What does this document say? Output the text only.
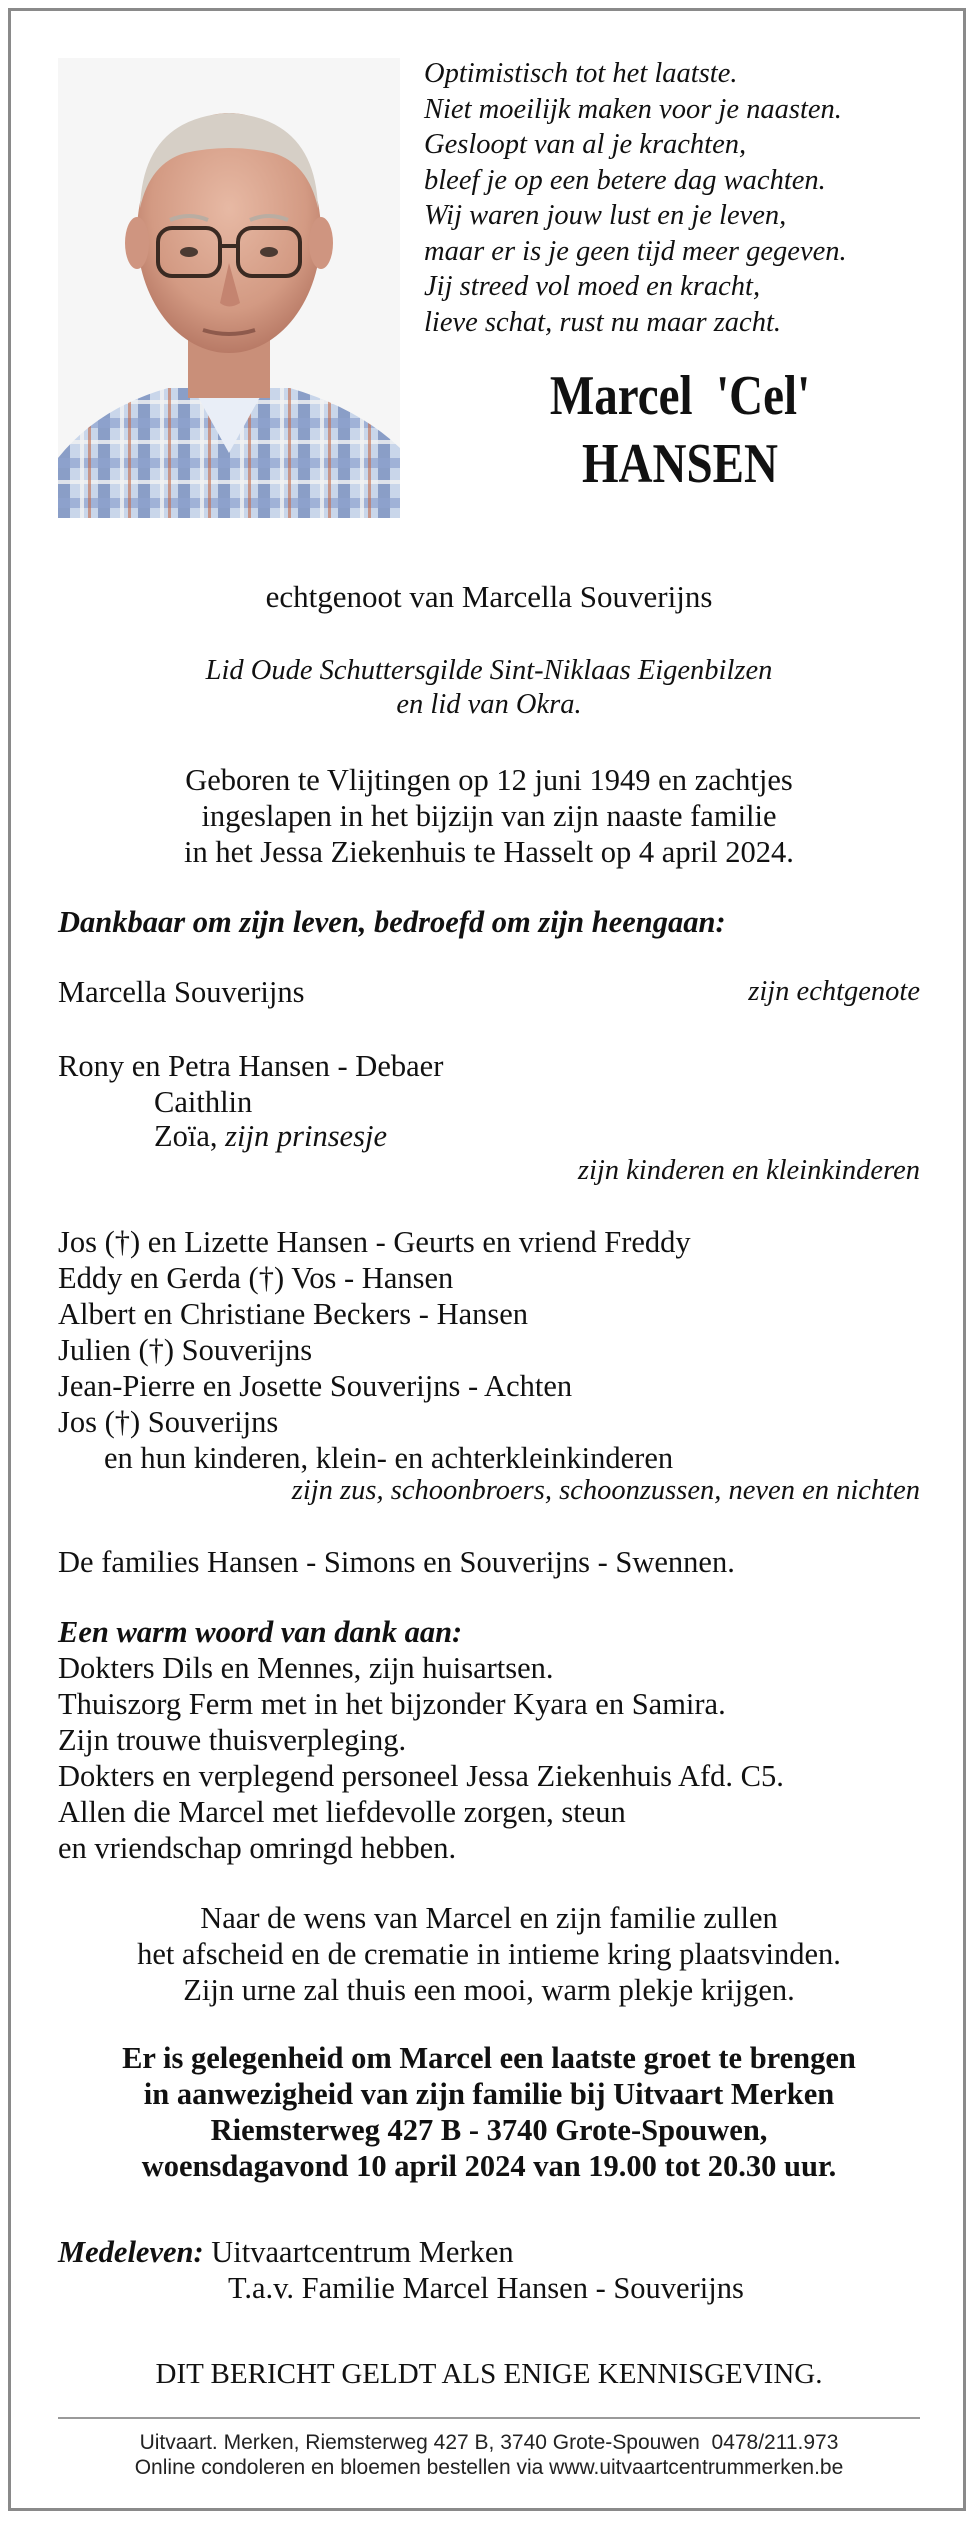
Optimistisch tot het laatste.
Niet moeilijk maken voor je naasten.
Gesloopt van al je krachten,
bleef je op een betere dag wachten.
Wij waren jouw lust en je leven,
maar er is je geen tijd meer gegeven.
Jij streed vol moed en kracht,
lieve schat, rust nu maar zacht.
Marcel  'Cel'
HANSEN
echtgenoot van Marcella Souverijns
Lid Oude Schuttersgilde Sint-Niklaas Eigenbilzen
en lid van Okra.
Geboren te Vlijtingen op 12 juni 1949 en zachtjes
ingeslapen in het bijzijn van zijn naaste familie
in het Jessa Ziekenhuis te Hasselt op 4 april 2024.
Dankbaar om zijn leven, bedroefd om zijn heengaan:
Marcella Souverijns	zijn echtgenote
Rony en Petra Hansen - Debaer
Caithlin
Zoïa, zijn prinsesje
zijn kinderen en kleinkinderen
Jos (†) en Lizette Hansen - Geurts en vriend Freddy
Eddy en Gerda (†) Vos - Hansen
Albert en Christiane Beckers - Hansen
Julien (†) Souverijns
Jean-Pierre en Josette Souverijns - Achten
Jos (†) Souverijns
en hun kinderen, klein- en achterkleinkinderen
zijn zus, schoonbroers, schoonzussen, neven en nichten
De families Hansen - Simons en Souverijns - Swennen.
Een warm woord van dank aan:
Dokters Dils en Mennes, zijn huisartsen.
Thuiszorg Ferm met in het bijzonder Kyara en Samira.
Zijn trouwe thuisverpleging.
Dokters en verplegend personeel Jessa Ziekenhuis Afd. C5.
Allen die Marcel met liefdevolle zorgen, steun
en vriendschap omringd hebben.
Naar de wens van Marcel en zijn familie zullen
het afscheid en de crematie in intieme kring plaatsvinden.
Zijn urne zal thuis een mooi, warm plekje krijgen.
Er is gelegenheid om Marcel een laatste groet te brengen
in aanwezigheid van zijn familie bij Uitvaart Merken
Riemsterweg 427 B - 3740 Grote-Spouwen,
woensdagavond 10 april 2024 van 19.00 tot 20.30 uur.
Medeleven: Uitvaartcentrum Merken
T.a.v. Familie Marcel Hansen - Souverijns
DIT BERICHT GELDT ALS ENIGE KENNISGEVING.
Uitvaart. Merken, Riemsterweg 427 B, 3740 Grote-Spouwen  0478/211.973
Online condoleren en bloemen bestellen via www.uitvaartcentrummerken.be
